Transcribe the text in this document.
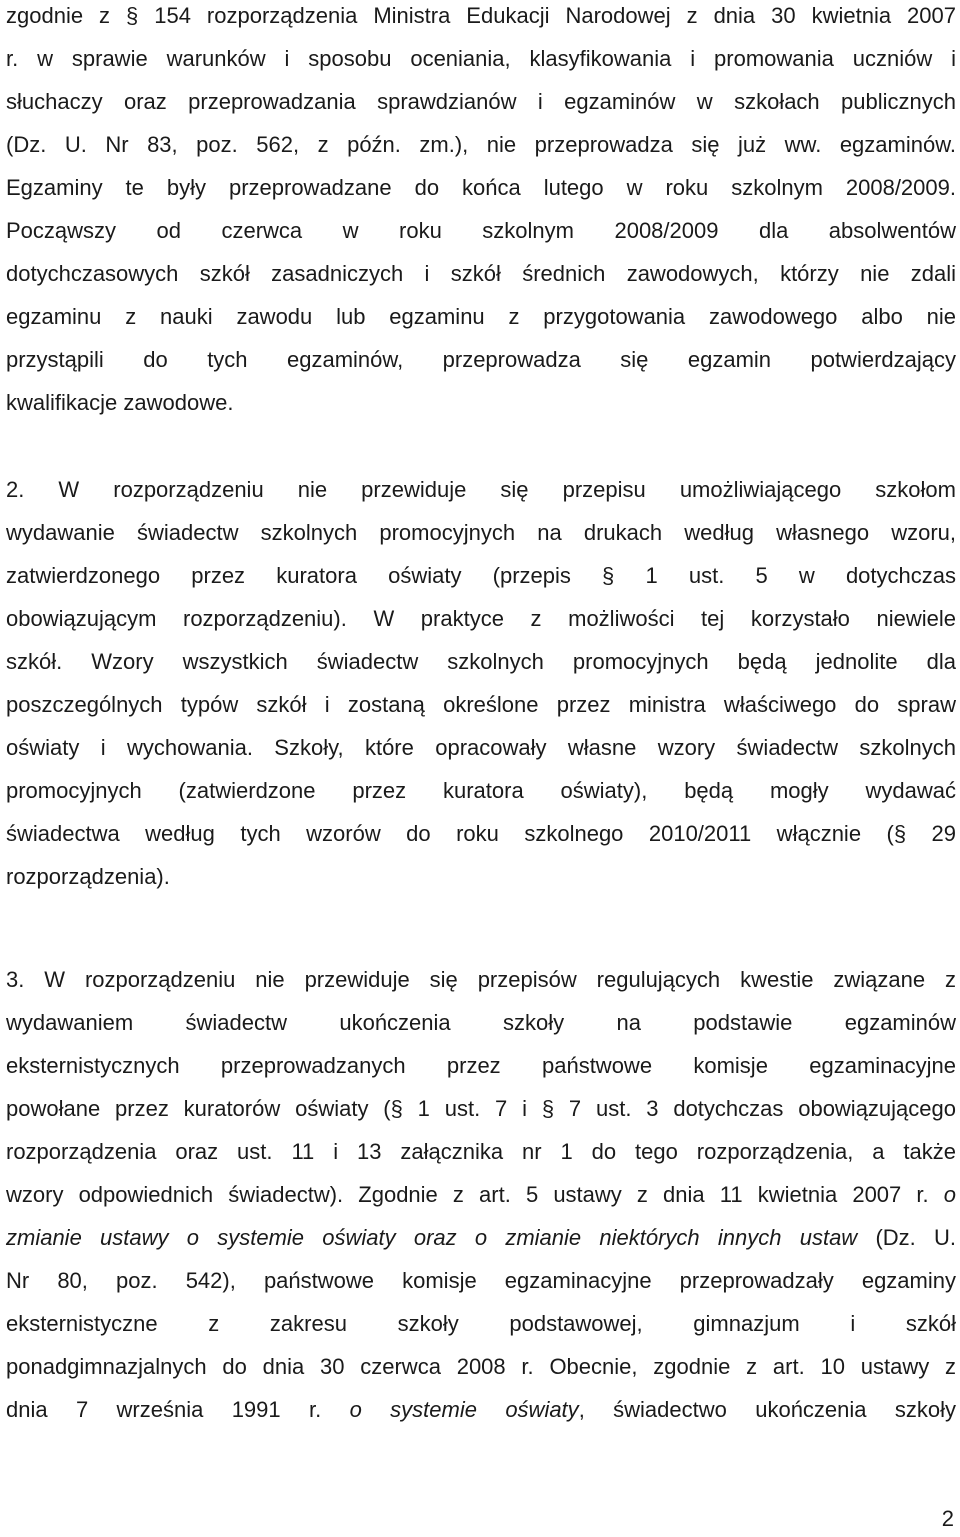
zgodnie z § 154 rozporządzenia Ministra Edukacji Narodowej z dnia 30 kwietnia 2007
r. w sprawie warunków i sposobu oceniania, klasyfikowania i promowania uczniów i
słuchaczy oraz przeprowadzania sprawdzianów i egzaminów w szkołach publicznych
(Dz. U. Nr 83, poz. 562, z późn. zm.), nie przeprowadza się już ww. egzaminów.
Egzaminy te były przeprowadzane do końca lutego w roku szkolnym 2008/2009.
Począwszy od czerwca w roku szkolnym 2008/2009 dla absolwentów
dotychczasowych szkół zasadniczych i szkół średnich zawodowych, którzy nie zdali
egzaminu z nauki zawodu lub egzaminu z przygotowania zawodowego albo nie
przystąpili do tych egzaminów, przeprowadza się egzamin potwierdzający
kwalifikacje zawodowe.
2. W rozporządzeniu nie przewiduje się przepisu umożliwiającego szkołom
wydawanie świadectw szkolnych promocyjnych na drukach według własnego wzoru,
zatwierdzonego przez kuratora oświaty (przepis § 1 ust. 5 w dotychczas
obowiązującym rozporządzeniu). W praktyce z możliwości tej korzystało niewiele
szkół. Wzory wszystkich świadectw szkolnych promocyjnych będą jednolite dla
poszczególnych typów szkół i zostaną określone przez ministra właściwego do spraw
oświaty i wychowania. Szkoły, które opracowały własne wzory świadectw szkolnych
promocyjnych (zatwierdzone przez kuratora oświaty), będą mogły wydawać
świadectwa według tych wzorów do roku szkolnego 2010/2011 włącznie (§ 29
rozporządzenia).
3. W rozporządzeniu nie przewiduje się przepisów regulujących kwestie związane z
wydawaniem świadectw ukończenia szkoły na podstawie egzaminów
eksternistycznych przeprowadzanych przez państwowe komisje egzaminacyjne
powołane przez kuratorów oświaty (§ 1 ust. 7 i § 7 ust. 3 dotychczas obowiązującego
rozporządzenia oraz ust. 11 i 13 załącznika nr 1 do tego rozporządzenia, a także
wzory odpowiednich świadectw). Zgodnie z art. 5 ustawy z dnia 11 kwietnia 2007 r. o
zmianie ustawy o systemie oświaty oraz o zmianie niektórych innych ustaw (Dz. U.
Nr 80, poz. 542), państwowe komisje egzaminacyjne przeprowadzały egzaminy
eksternistyczne z zakresu szkoły podstawowej, gimnazjum i szkół
ponadgimnazjalnych do dnia 30 czerwca 2008 r. Obecnie, zgodnie z art. 10 ustawy z
dnia 7 września 1991 r. o systemie oświaty, świadectwo ukończenia szkoły
2
